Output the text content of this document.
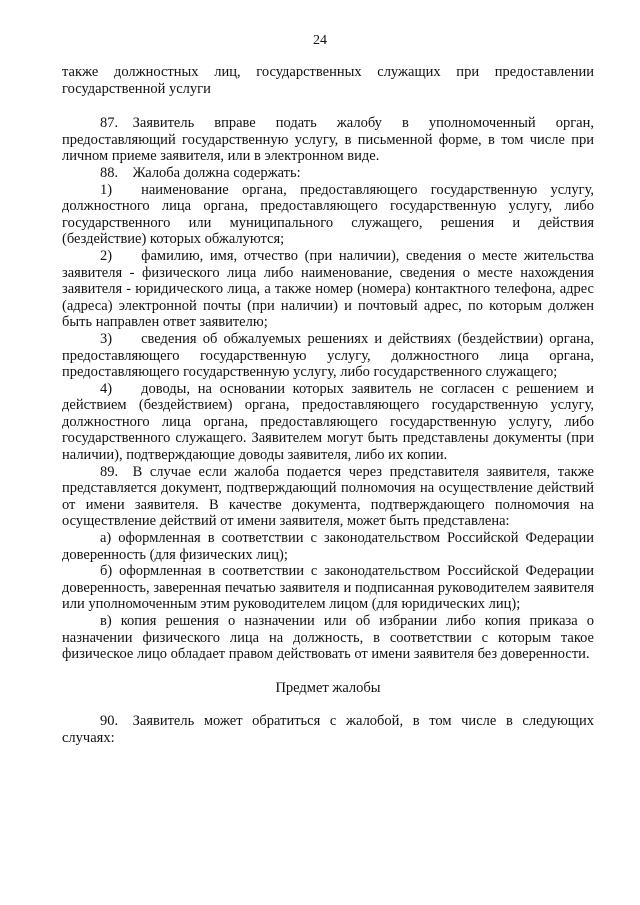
24

также должностных лиц, государственных служащих при предоставлении государственной услуги

87. Заявитель вправе подать жалобу в уполномоченный орган, предоставляющий государственную услугу, в письменной форме, в том числе при личном приеме заявителя, или в электронном виде.

88. Жалоба должна содержать:

1)  наименование органа, предоставляющего государственную услугу, должностного лица органа, предоставляющего государственную услугу, либо государственного или муниципального служащего, решения и действия (бездействие) которых обжалуются;

2)  фамилию, имя, отчество (при наличии), сведения о месте жительства заявителя - физического лица либо наименование, сведения о месте нахождения заявителя - юридического лица, а также номер (номера) контактного телефона, адрес (адреса) электронной почты (при наличии) и почтовый адрес, по которым должен быть направлен ответ заявителю;

3)  сведения об обжалуемых решениях и действиях (бездействии) органа, предоставляющего государственную услугу, должностного лица органа, предоставляющего государственную услугу, либо государственного служащего;

4)  доводы, на основании которых заявитель не согласен с решением и действием (бездействием) органа, предоставляющего государственную услугу, должностного лица органа, предоставляющего государственную услугу, либо государственного служащего. Заявителем могут быть представлены документы (при наличии), подтверждающие доводы заявителя, либо их копии.

89. В случае если жалоба подается через представителя заявителя, также представляется документ, подтверждающий полномочия на осуществление действий от имени заявителя. В качестве документа, подтверждающего полномочия на осуществление действий от имени заявителя, может быть представлена:

а) оформленная в соответствии с законодательством Российской Федерации доверенность (для физических лиц);

б) оформленная в соответствии с законодательством Российской Федерации доверенность, заверенная печатью заявителя и подписанная руководителем заявителя или уполномоченным этим руководителем лицом (для юридических лиц);

в) копия решения о назначении или об избрании либо копия приказа о назначении физического лица на должность, в соответствии с которым такое физическое лицо обладает правом действовать от имени заявителя без доверенности.

Предмет жалобы

90. Заявитель может обратиться с жалобой, в том числе в следующих случаях:
